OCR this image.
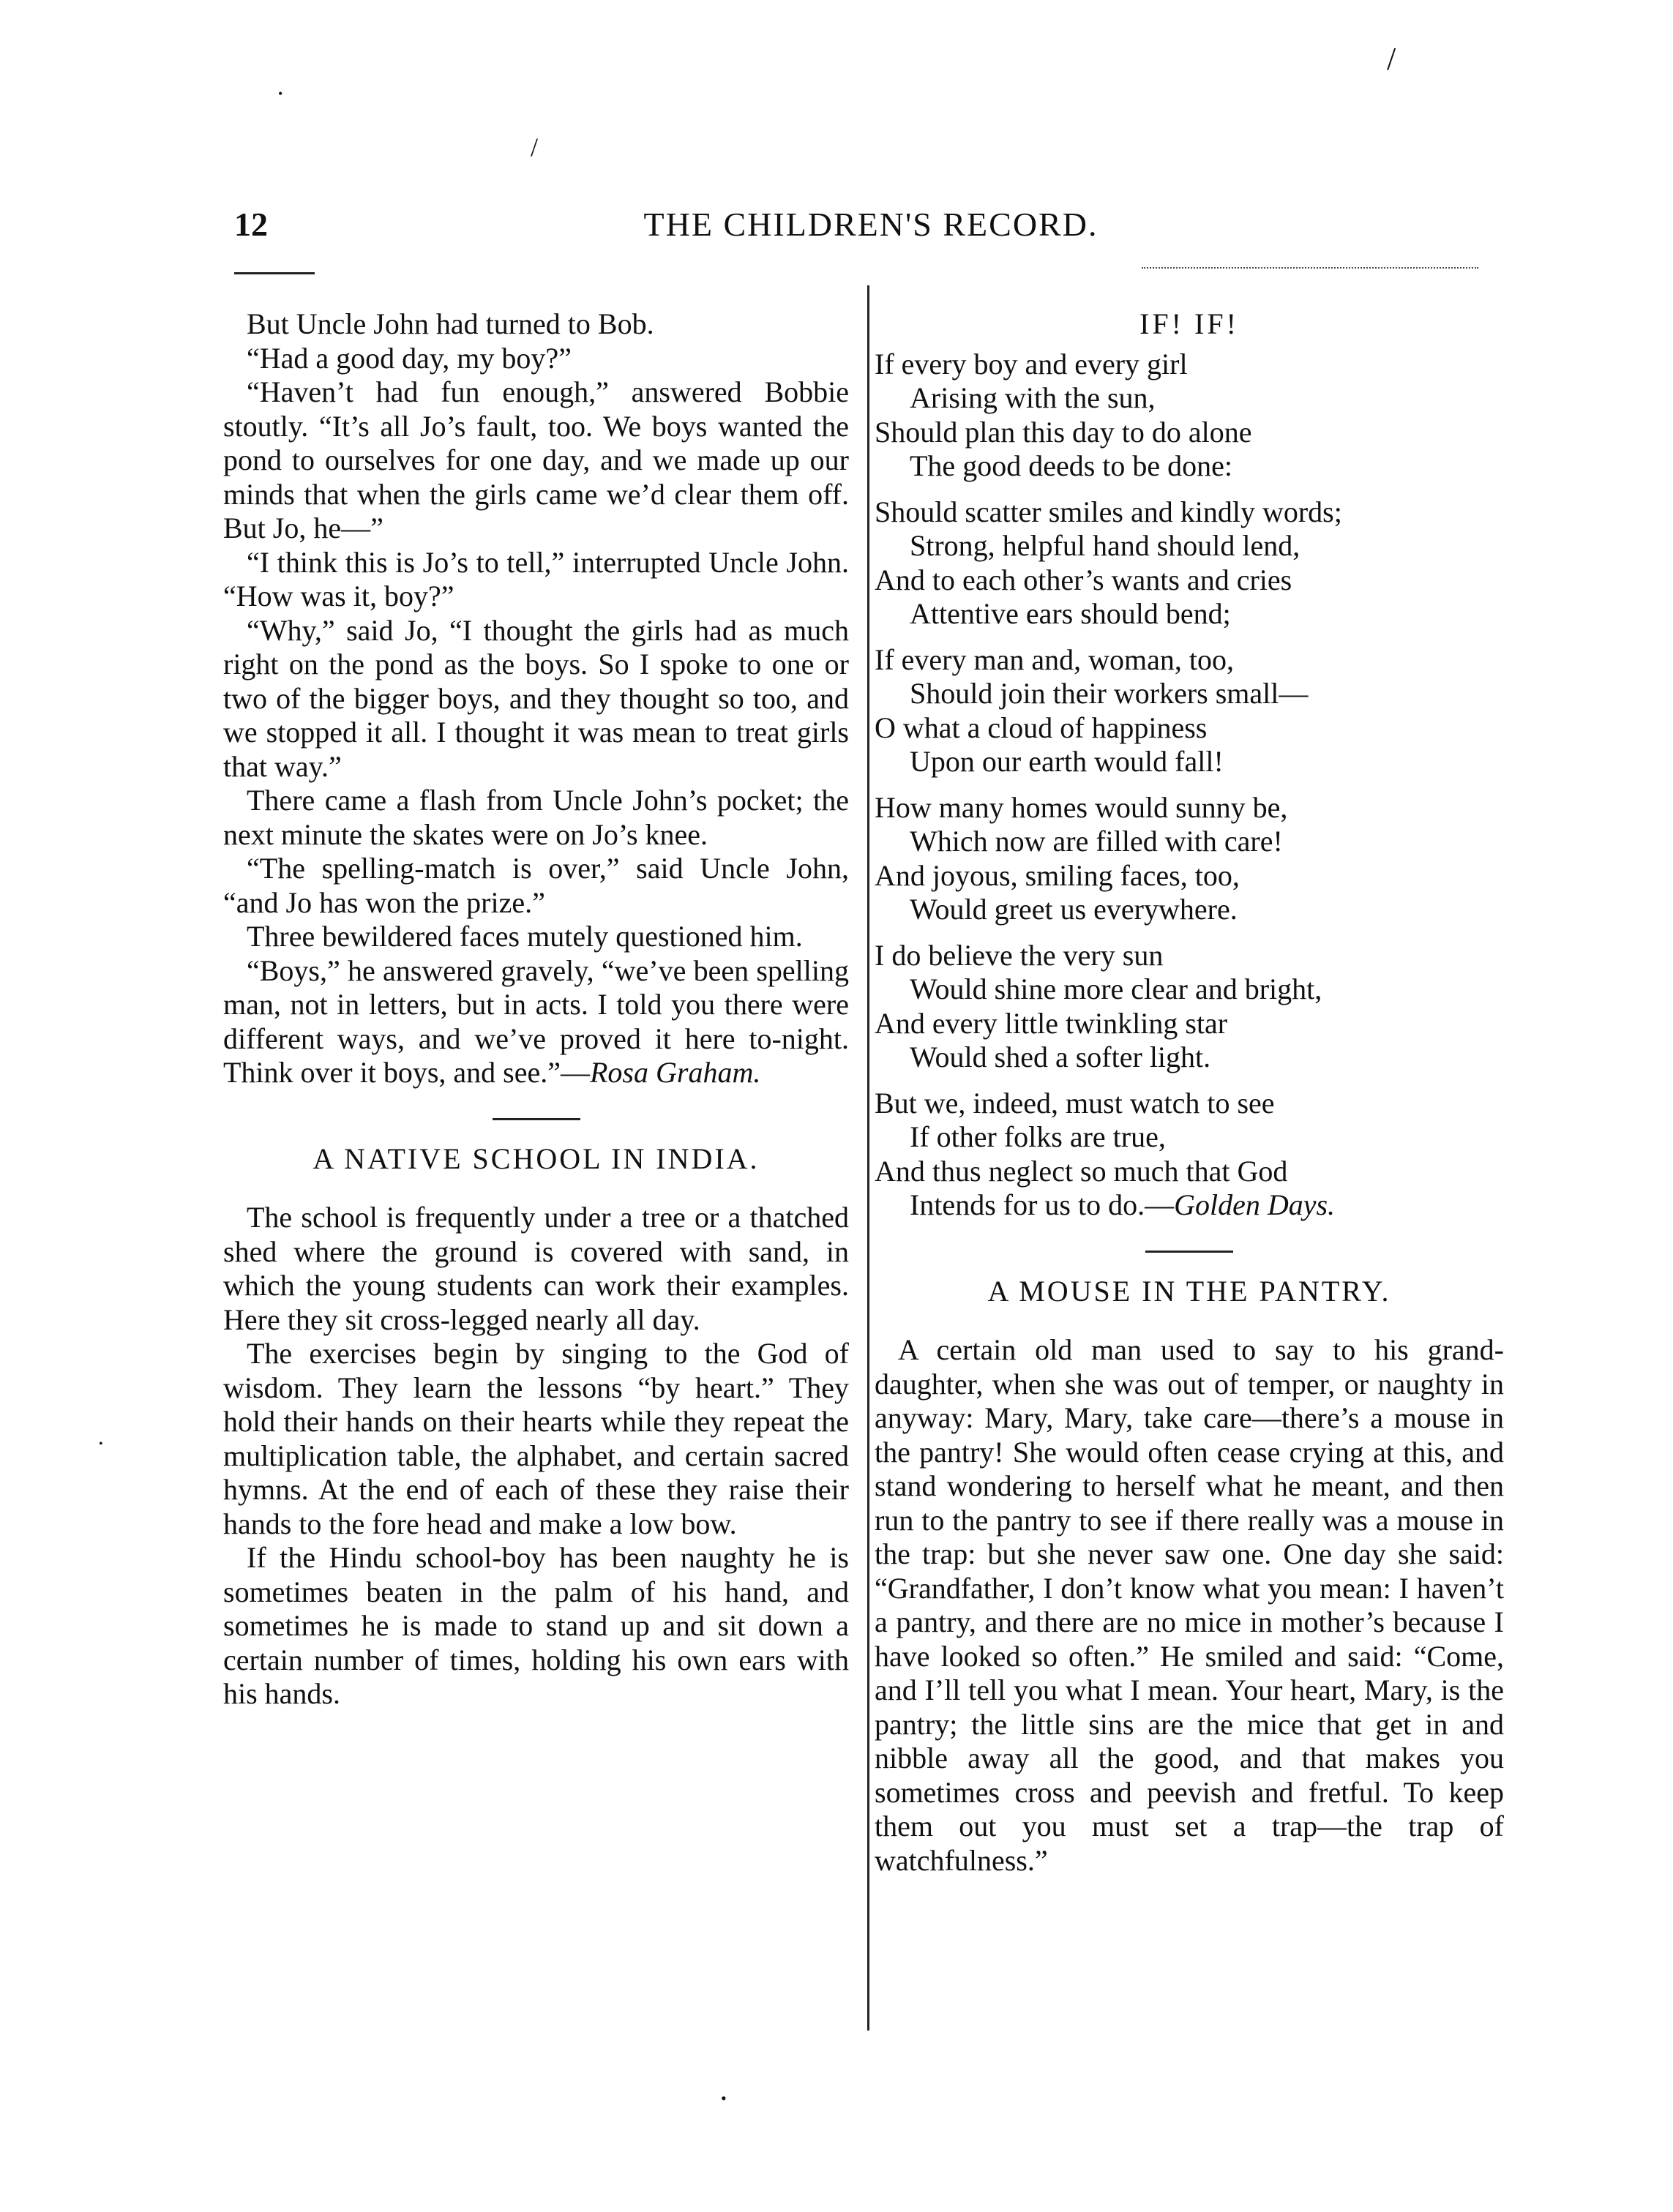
/
•
/
•
•
12	THE CHILDREN'S RECORD.

But Uncle John had turned to Bob.

“Had a good day, my boy?”

“Haven’t had fun enough,” answered Bobbie stoutly. “It’s all Jo’s fault, too. We boys wanted the pond to ourselves for one day, and we made up our minds that when the girls came we’d clear them off. But Jo, he—”

“I think this is Jo’s to tell,” interrupted Uncle John. “How was it, boy?”

“Why,” said Jo, “I thought the girls had as much right on the pond as the boys. So I spoke to one or two of the bigger boys, and they thought so too, and we stopped it all. I thought it was mean to treat girls that way.”

There came a flash from Uncle John’s pocket; the next minute the skates were on Jo’s knee.

“The spelling-match is over,” said Uncle John, “and Jo has won the prize.”

Three bewildered faces mutely questioned him.

“Boys,” he answered gravely, “we’ve been spelling man, not in letters, but in acts. I told you there were different ways, and we’ve proved it here to-night. Think over it boys, and see.”—Rosa Graham.

A NATIVE SCHOOL IN INDIA.

The school is frequently under a tree or a thatched shed where the ground is covered with sand, in which the young students can work their examples. Here they sit cross-legged nearly all day.

The exercises begin by singing to the God of wisdom. They learn the lessons “by heart.” They hold their hands on their hearts while they repeat the multiplication table, the alphabet, and certain sacred hymns. At the end of each of these they raise their hands to the fore head and make a low bow.

If the Hindu school-boy has been naughty he is sometimes beaten in the palm of his hand, and sometimes he is made to stand up and sit down a certain number of times, holding his own ears with his hands.

IF! IF!
If every boy and every girl
Arising with the sun,
Should plan this day to do alone
The good deeds to be done:
Should scatter smiles and kindly words;
Strong, helpful hand should lend,
And to each other’s wants and cries
Attentive ears should bend;
If every man and, woman, too,
Should join their workers small—
O what a cloud of happiness
Upon our earth would fall!
How many homes would sunny be,
Which now are filled with care!
And joyous, smiling faces, too,
Would greet us everywhere.
I do believe the very sun
Would shine more clear and bright,
And every little twinkling star
Would shed a softer light.
But we, indeed, must watch to see
If other folks are true,
And thus neglect so much that God
Intends for us to do.—Golden Days.
A MOUSE IN THE PANTRY.

A certain old man used to say to his grand-daughter, when she was out of temper, or naughty in anyway: Mary, Mary, take care—there’s a mouse in the pantry! She would often cease crying at this, and stand wondering to herself what he meant, and then run to the pantry to see if there really was a mouse in the trap: but she never saw one. One day she said: “Grandfather, I don’t know what you mean: I haven’t a pantry, and there are no mice in mother’s because I have looked so often.” He smiled and said: “Come, and I’ll tell you what I mean. Your heart, Mary, is the pantry; the little sins are the mice that get in and nibble away all the good, and that makes you sometimes cross and peevish and fretful. To keep them out you must set a trap—the trap of watchfulness.”
